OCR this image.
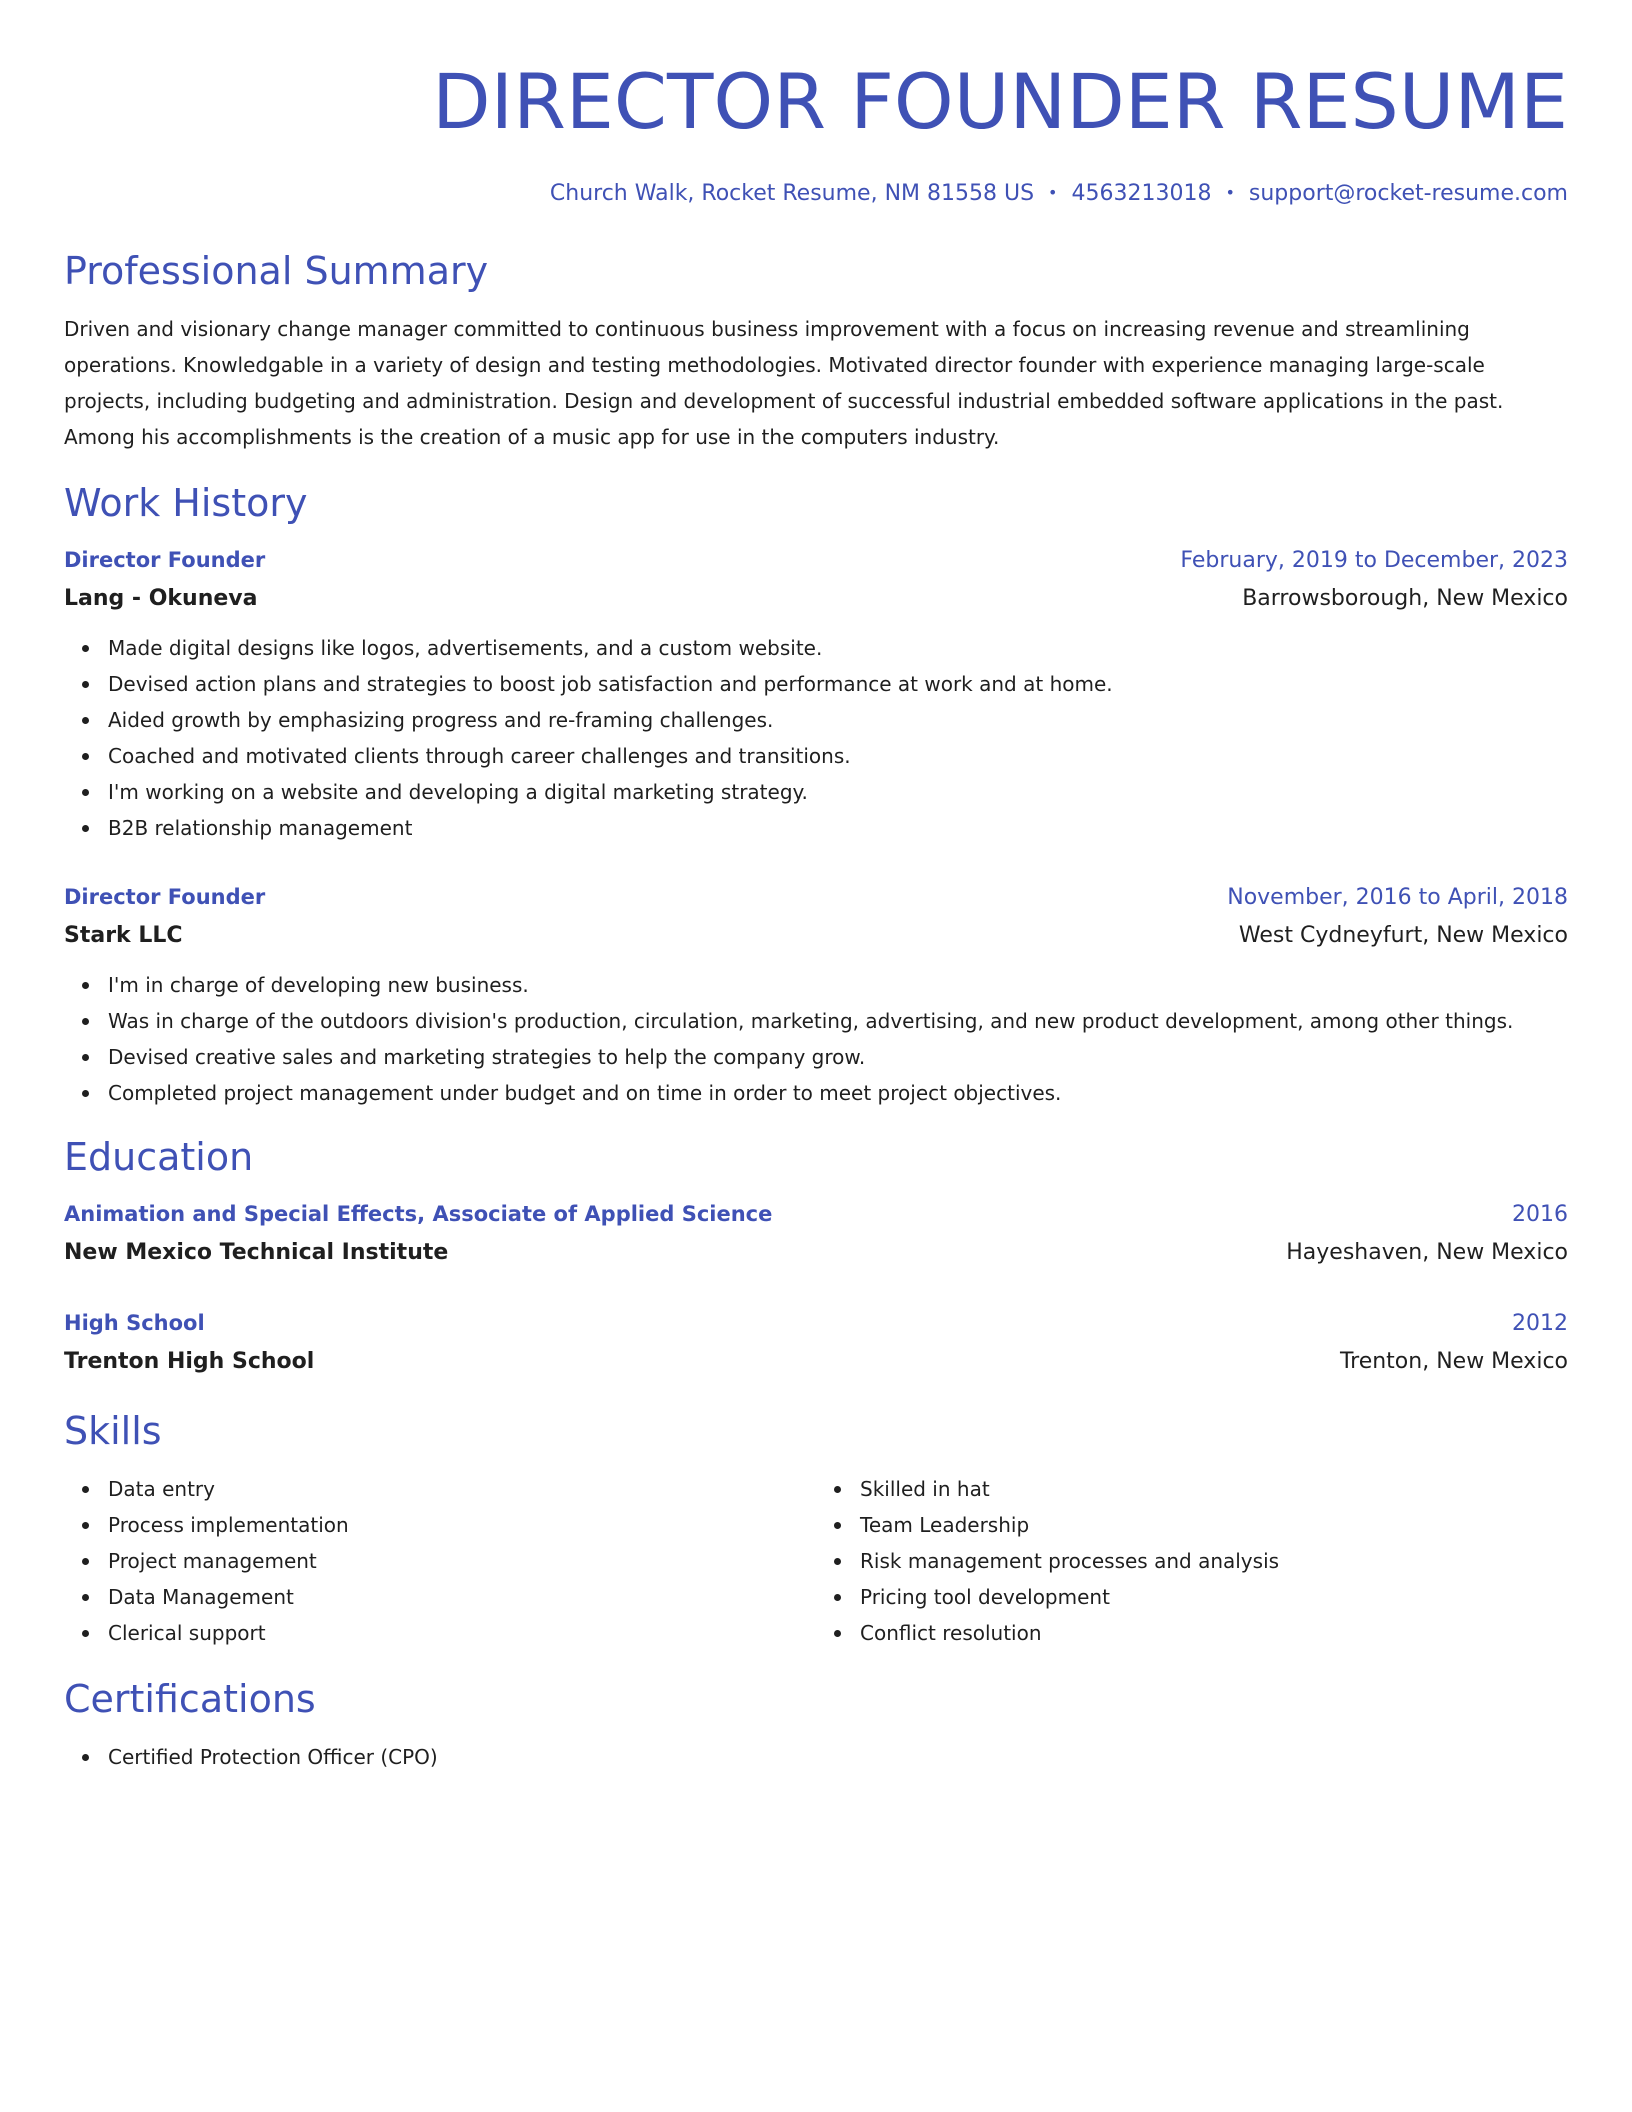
DIRECTOR FOUNDER RESUME
Church Walk, Rocket Resume, NM 81558 US • 4563213018 • support@rocket-resume.com
Professional Summary
Driven and visionary change manager committed to continuous business improvement with a focus on increasing revenue and streamlining operations. Knowledgable in a variety of design and testing methodologies. Motivated director founder with experience managing large-scale projects, including budgeting and administration. Design and development of successful industrial embedded software applications in the past. Among his accomplishments is the creation of a music app for use in the computers industry.
Work History
Director Founder	February, 2019 to December, 2023
Lang - Okuneva	Barrowsborough, New Mexico
Made digital designs like logos, advertisements, and a custom website.
Devised action plans and strategies to boost job satisfaction and performance at work and at home.
Aided growth by emphasizing progress and re-framing challenges.
Coached and motivated clients through career challenges and transitions.
I'm working on a website and developing a digital marketing strategy.
B2B relationship management
Director Founder	November, 2016 to April, 2018
Stark LLC	West Cydneyfurt, New Mexico
I'm in charge of developing new business.
Was in charge of the outdoors division's production, circulation, marketing, advertising, and new product development, among other things.
Devised creative sales and marketing strategies to help the company grow.
Completed project management under budget and on time in order to meet project objectives.
Education
Animation and Special Effects, Associate of Applied Science	2016
New Mexico Technical Institute	Hayeshaven, New Mexico
High School	2012
Trenton High School	Trenton, New Mexico
Skills
Data entry
Process implementation
Project management
Data Management
Clerical support
Skilled in hat
Team Leadership
Risk management processes and analysis
Pricing tool development
Conflict resolution
Certifications
Certified Protection Officer (CPO)
